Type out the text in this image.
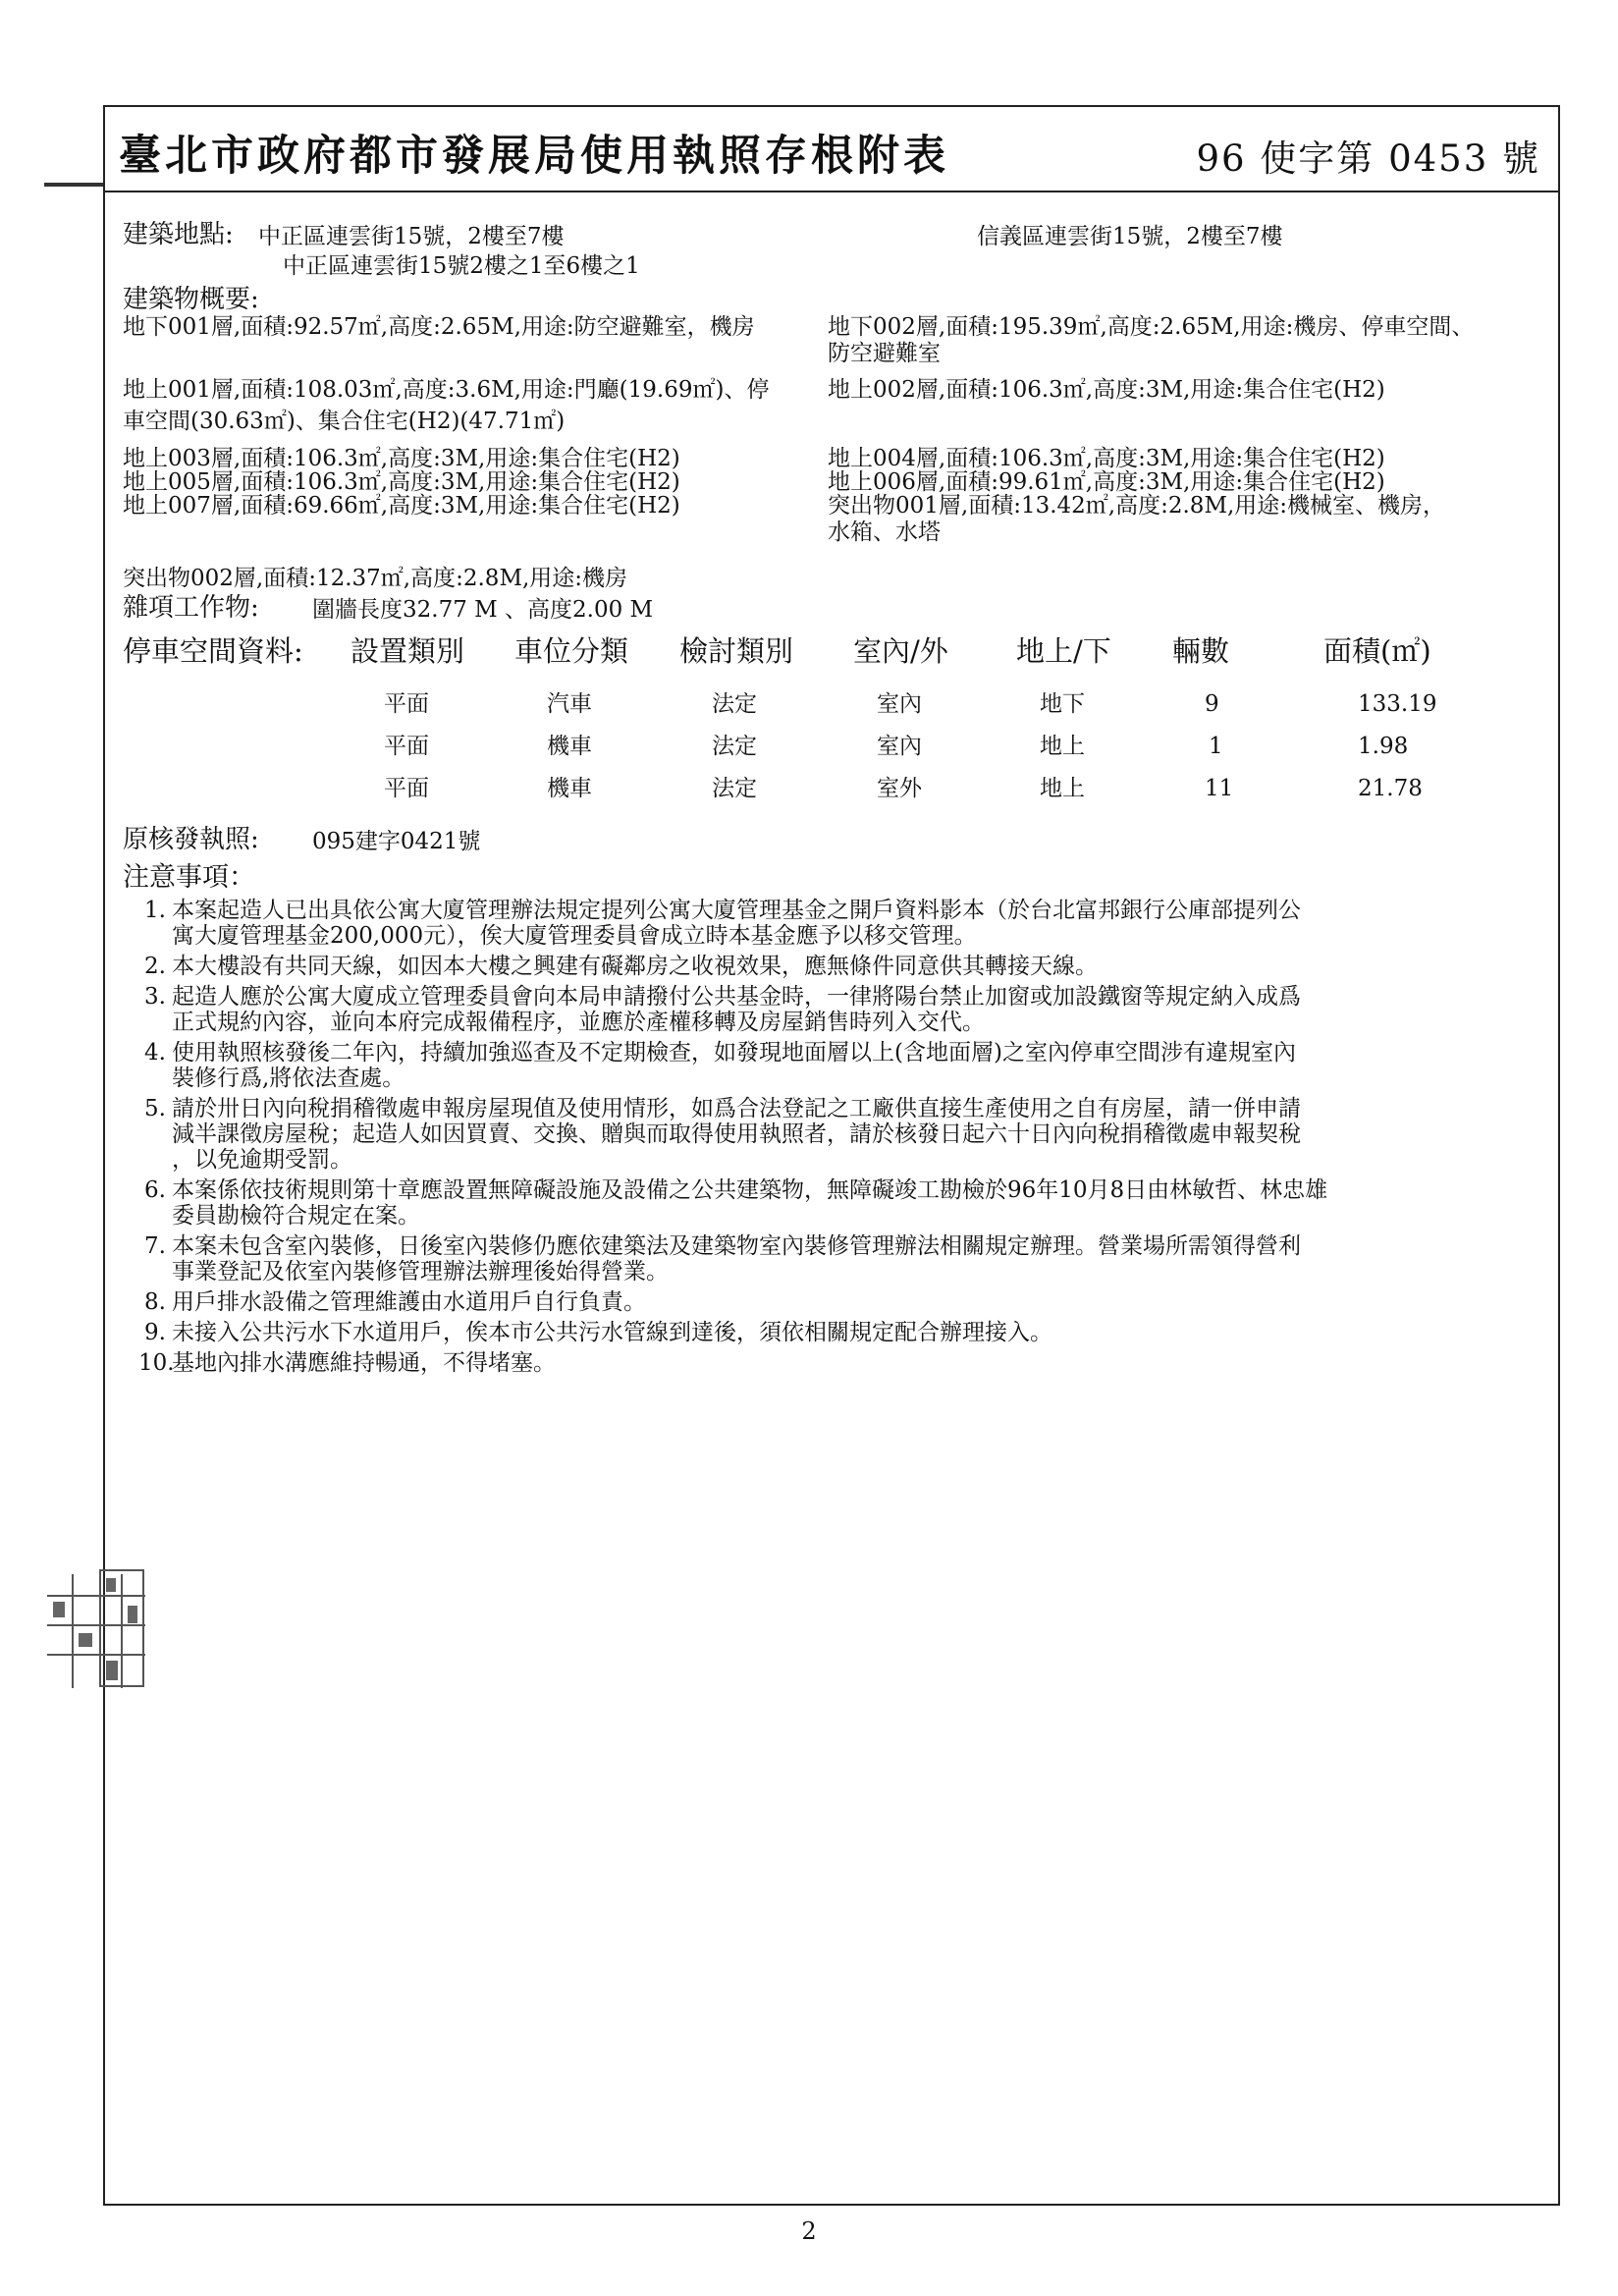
臺北市政府都市發展局使用執照存根附表	96 使字第 0453 號
建築地點: 中正區連雲街15號，2樓至7樓
中正區連雲街15號2樓之1至6樓之1
信義區連雲街15號，2樓至7樓
建築物概要:
地下001層,面積:92.57㎡,高度:2.65M,用途:防空避難室，機房	地下002層,面積:195.39㎡,高度:2.65M,用途:機房、停車空間、
防空避難室
地上001層,面積:108.03㎡,高度:3.6M,用途:門廳(19.69㎡)、停
車空間(30.63㎡)、集合住宅(H2)(47.71㎡)
地上002層,面積:106.3㎡,高度:3M,用途:集合住宅(H2)
地上003層,面積:106.3㎡,高度:3M,用途:集合住宅(H2)	地上004層,面積:106.3㎡,高度:3M,用途:集合住宅(H2)
地上005層,面積:106.3㎡,高度:3M,用途:集合住宅(H2)	地上006層,面積:99.61㎡,高度:3M,用途:集合住宅(H2)
地上007層,面積:69.66㎡,高度:3M,用途:集合住宅(H2)	突出物001層,面積:13.42㎡,高度:2.8M,用途:機械室、機房，
水箱、水塔
突出物002層,面積:12.37㎡,高度:2.8M,用途:機房
雜項工作物: 圍牆長度32.77 M 、高度2.00 M
停車空間資料: 設置類別 車位分類 檢討類別 室內/外 地上/下 輛數	面積(㎡)
平面	汽車	法定	室內	地下	9	133.19
平面	機車	法定	室內	地上	1	1.98
平面	機車	法定	室外	地上	11	21.78
原核發執照: 095建字0421號
注意事項：
1. 本案起造人已出具依公寓大廈管理辦法規定提列公寓大廈管理基金之開戶資料影本（於台北富邦銀行公庫部提列公
寓大廈管理基金200,000元），俟大廈管理委員會成立時本基金應予以移交管理。
2. 本大樓設有共同天線，如因本大樓之興建有礙鄰房之收視效果，應無條件同意供其轉接天線。
3. 起造人應於公寓大廈成立管理委員會向本局申請撥付公共基金時，一律將陽台禁止加窗或加設鐵窗等規定納入成爲
正式規約內容，並向本府完成報備程序，並應於產權移轉及房屋銷售時列入交代。
4. 使用執照核發後二年內，持續加強巡查及不定期檢查，如發現地面層以上(含地面層)之室內停車空間涉有違規室內
裝修行爲,將依法查處。
5. 請於卅日內向稅捐稽徵處申報房屋現值及使用情形，如爲合法登記之工廠供直接生產使用之自有房屋，請一併申請
減半課徵房屋稅；起造人如因買賣、交換、贈與而取得使用執照者，請於核發日起六十日內向稅捐稽徵處申報契稅
，以免逾期受罰。
6. 本案係依技術規則第十章應設置無障礙設施及設備之公共建築物，無障礙竣工勘檢於96年10月8日由林敏哲、林忠雄
委員勘檢符合規定在案。
7. 本案未包含室內裝修，日後室內裝修仍應依建築法及建築物室內裝修管理辦法相關規定辦理。營業場所需領得營利
事業登記及依室內裝修管理辦法辦理後始得營業。
8. 用戶排水設備之管理維護由水道用戶自行負責。
9. 未接入公共污水下水道用戶，俟本市公共污水管線到達後，須依相關規定配合辦理接入。
10.
基地內排水溝應維持暢通，不得堵塞。
2
